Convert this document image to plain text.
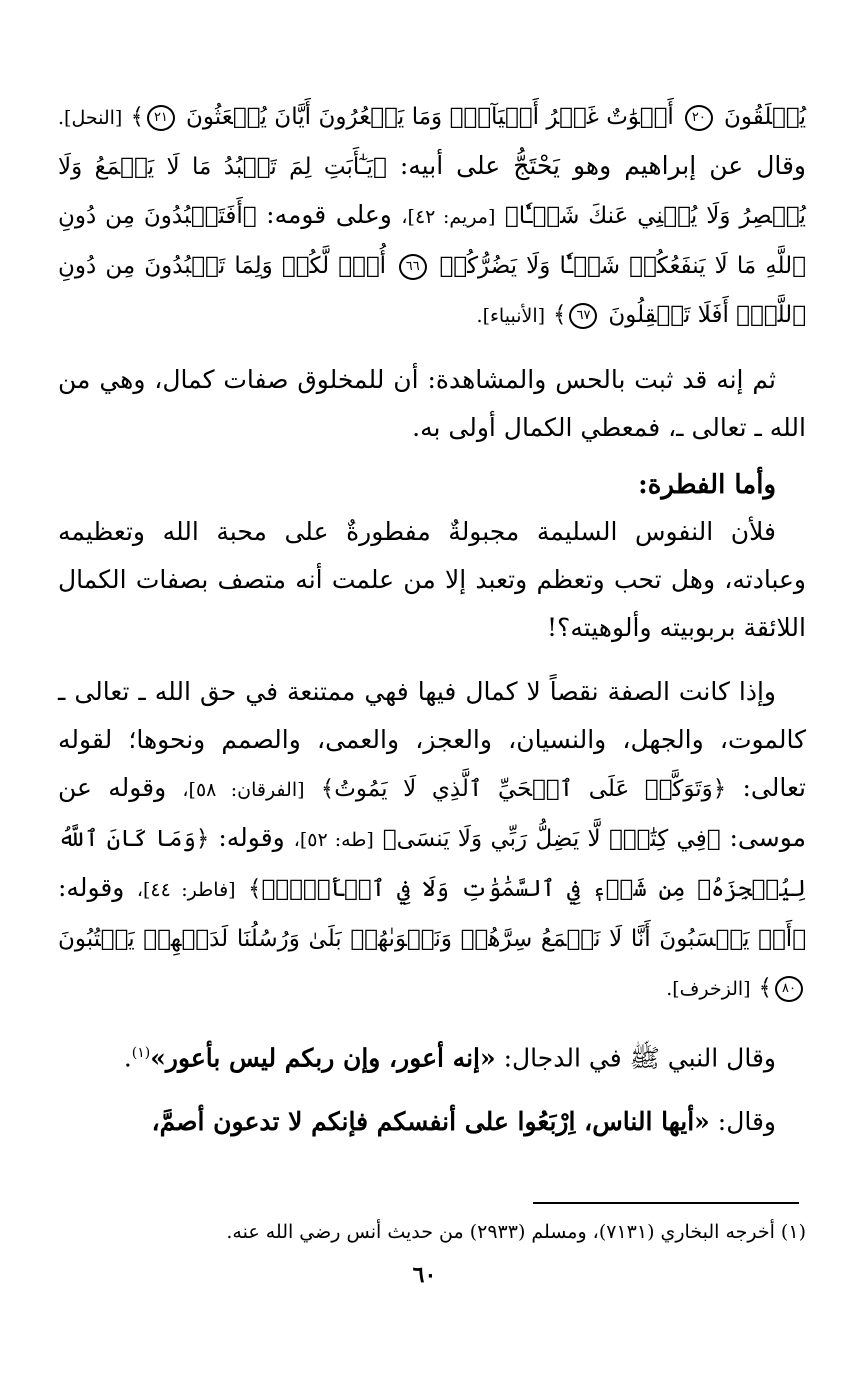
يُخۡلَقُونَ ٢٠ أَمۡوَٰتٌ غَيۡرُ أَحۡيَآءٖۖ وَمَا يَشۡعُرُونَ أَيَّانَ يُبۡعَثُونَ ٢١﴾ [النحل]. وقال عن إبراهيم وهو يَحْتَجُّ على أبيه: ﴿يَـٰٓأَبَتِ لِمَ تَعۡبُدُ مَا لَا يَسۡمَعُ وَلَا يُبۡصِرُ وَلَا يُغۡنِي عَنكَ شَيۡـٔٗا﴾ [مريم: ٤٢]، وعلى قومه: ﴿أَفَتَعۡبُدُونَ مِن دُونِ ٱللَّهِ مَا لَا يَنفَعُكُمۡ شَيۡـٔٗا وَلَا يَضُرُّكُمۡ ٦٦ أُفّٖ لَّكُمۡ وَلِمَا تَعۡبُدُونَ مِن دُونِ ٱللَّهِۚ أَفَلَا تَعۡقِلُونَ ٦٧﴾ [الأنبياء].

ثم إنه قد ثبت بالحس والمشاهدة: أن للمخلوق صفات كمال، وهي من الله ـ تعالى ـ، فمعطي الكمال أولى به.

وأما الفطرة:

فلأن النفوس السليمة مجبولةٌ مفطورةٌ على محبة الله وتعظيمه وعبادته، وهل تحب وتعظم وتعبد إلا من علمت أنه متصف بصفات الكمال اللائقة بربوبيته وألوهيته؟!

وإذا كانت الصفة نقصاً لا كمال فيها فهي ممتنعة في حق الله ـ تعالى ـ كالموت، والجهل، والنسيان، والعجز، والعمى، والصمم ونحوها؛ لقوله تعالى: ﴿وَتَوَكَّلۡ عَلَى ٱلۡحَيِّ ٱلَّذِي لَا يَمُوتُ﴾ [الفرقان: ٥٨]، وقوله عن موسى: ﴿فِي كِتَٰبٖۖ لَّا يَضِلُّ رَبِّي وَلَا يَنسَى﴾ [طه: ٥٢]، وقوله: ﴿وَمَا كَانَ ٱللَّهُ لِيُعۡجِزَهُۥ مِن شَيۡءٖ فِي ٱلسَّمَٰوَٰتِ وَلَا فِي ٱلۡأَرۡضِۚ﴾ [فاطر: ٤٤]، وقوله: ﴿أَمۡ يَحۡسَبُونَ أَنَّا لَا نَسۡمَعُ سِرَّهُمۡ وَنَجۡوَىٰهُمۚ بَلَىٰ وَرُسُلُنَا لَدَيۡهِمۡ يَكۡتُبُونَ ٨٠﴾ [الزخرف].

وقال النبي ﷺ في الدجال: «إنه أعور، وإن ربكم ليس بأعور»$^{(١)}$.

وقال: «أيها الناس، اِرْبَعُوا على أنفسكم فإنكم لا تدعون أصمَّ،

(١) أخرجه البخاري (٧١٣١)، ومسلم (٢٩٣٣) من حديث أنس رضي الله عنه.
٦٠
